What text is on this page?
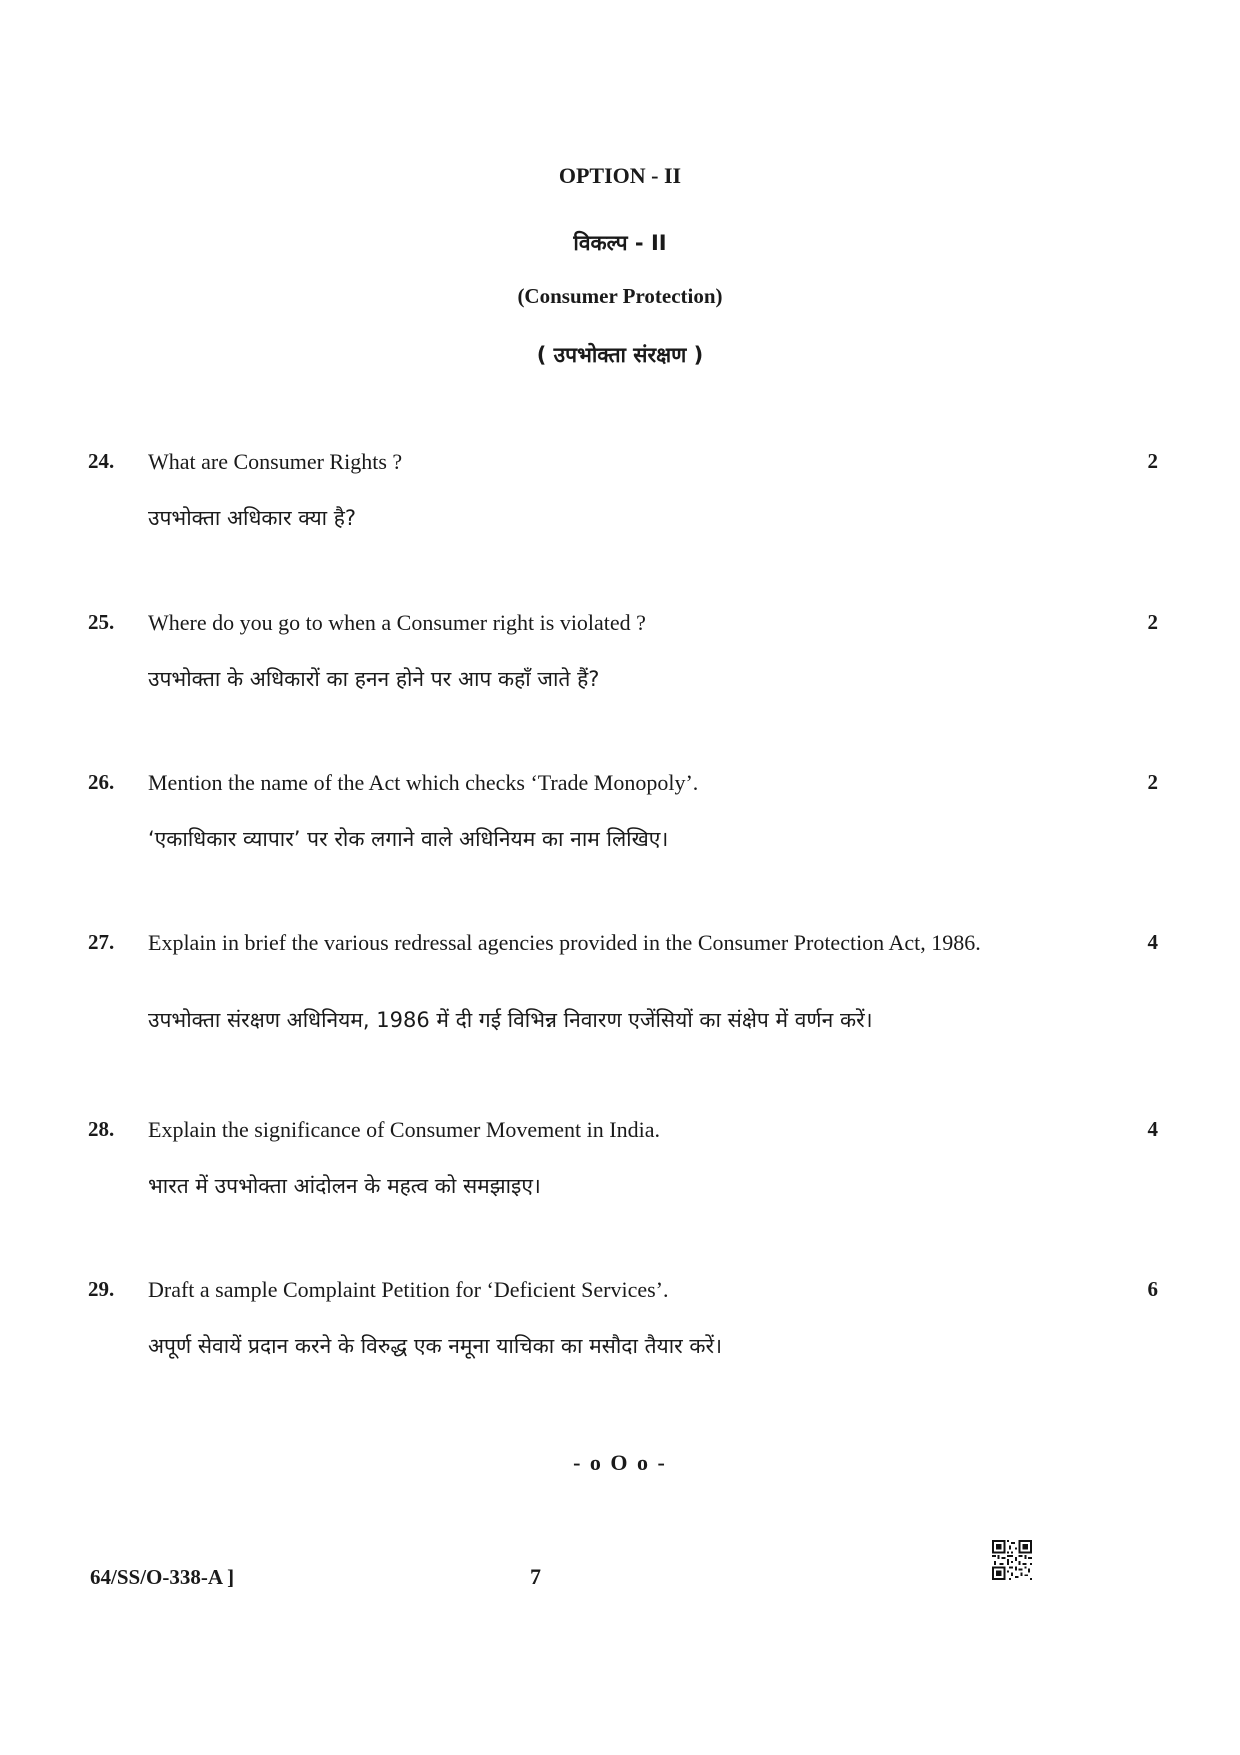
OPTION - II
विकल्प - II
(Consumer Protection)
( उपभोक्ता संरक्षण )
24. What are Consumer Rights ?	2
उपभोक्ता अधिकार क्या है?
25. Where do you go to when a Consumer right is violated ?	2
उपभोक्ता के अधिकारों का हनन होने पर आप कहाँ जाते हैं?
26. Mention the name of the Act which checks ‘Trade Monopoly’.	2
‘एकाधिकार व्यापार’ पर रोक लगाने वाले अधिनियम का नाम लिखिए।
27. Explain in brief the various redressal agencies provided in the Consumer Protection Act, 1986.	4
उपभोक्ता संरक्षण अधिनियम, 1986 में दी गई विभिन्न निवारण एजेंसियों का संक्षेप में वर्णन करें।
28. Explain the significance of Consumer Movement in India.	4
भारत में उपभोक्ता आंदोलन के महत्व को समझाइए।
29. Draft a sample Complaint Petition for ‘Deficient Services’.	6
अपूर्ण सेवायें प्रदान करने के विरुद्ध एक नमूना याचिका का मसौदा तैयार करें।
- o O o -
64/SS/O-338-A ]	7
